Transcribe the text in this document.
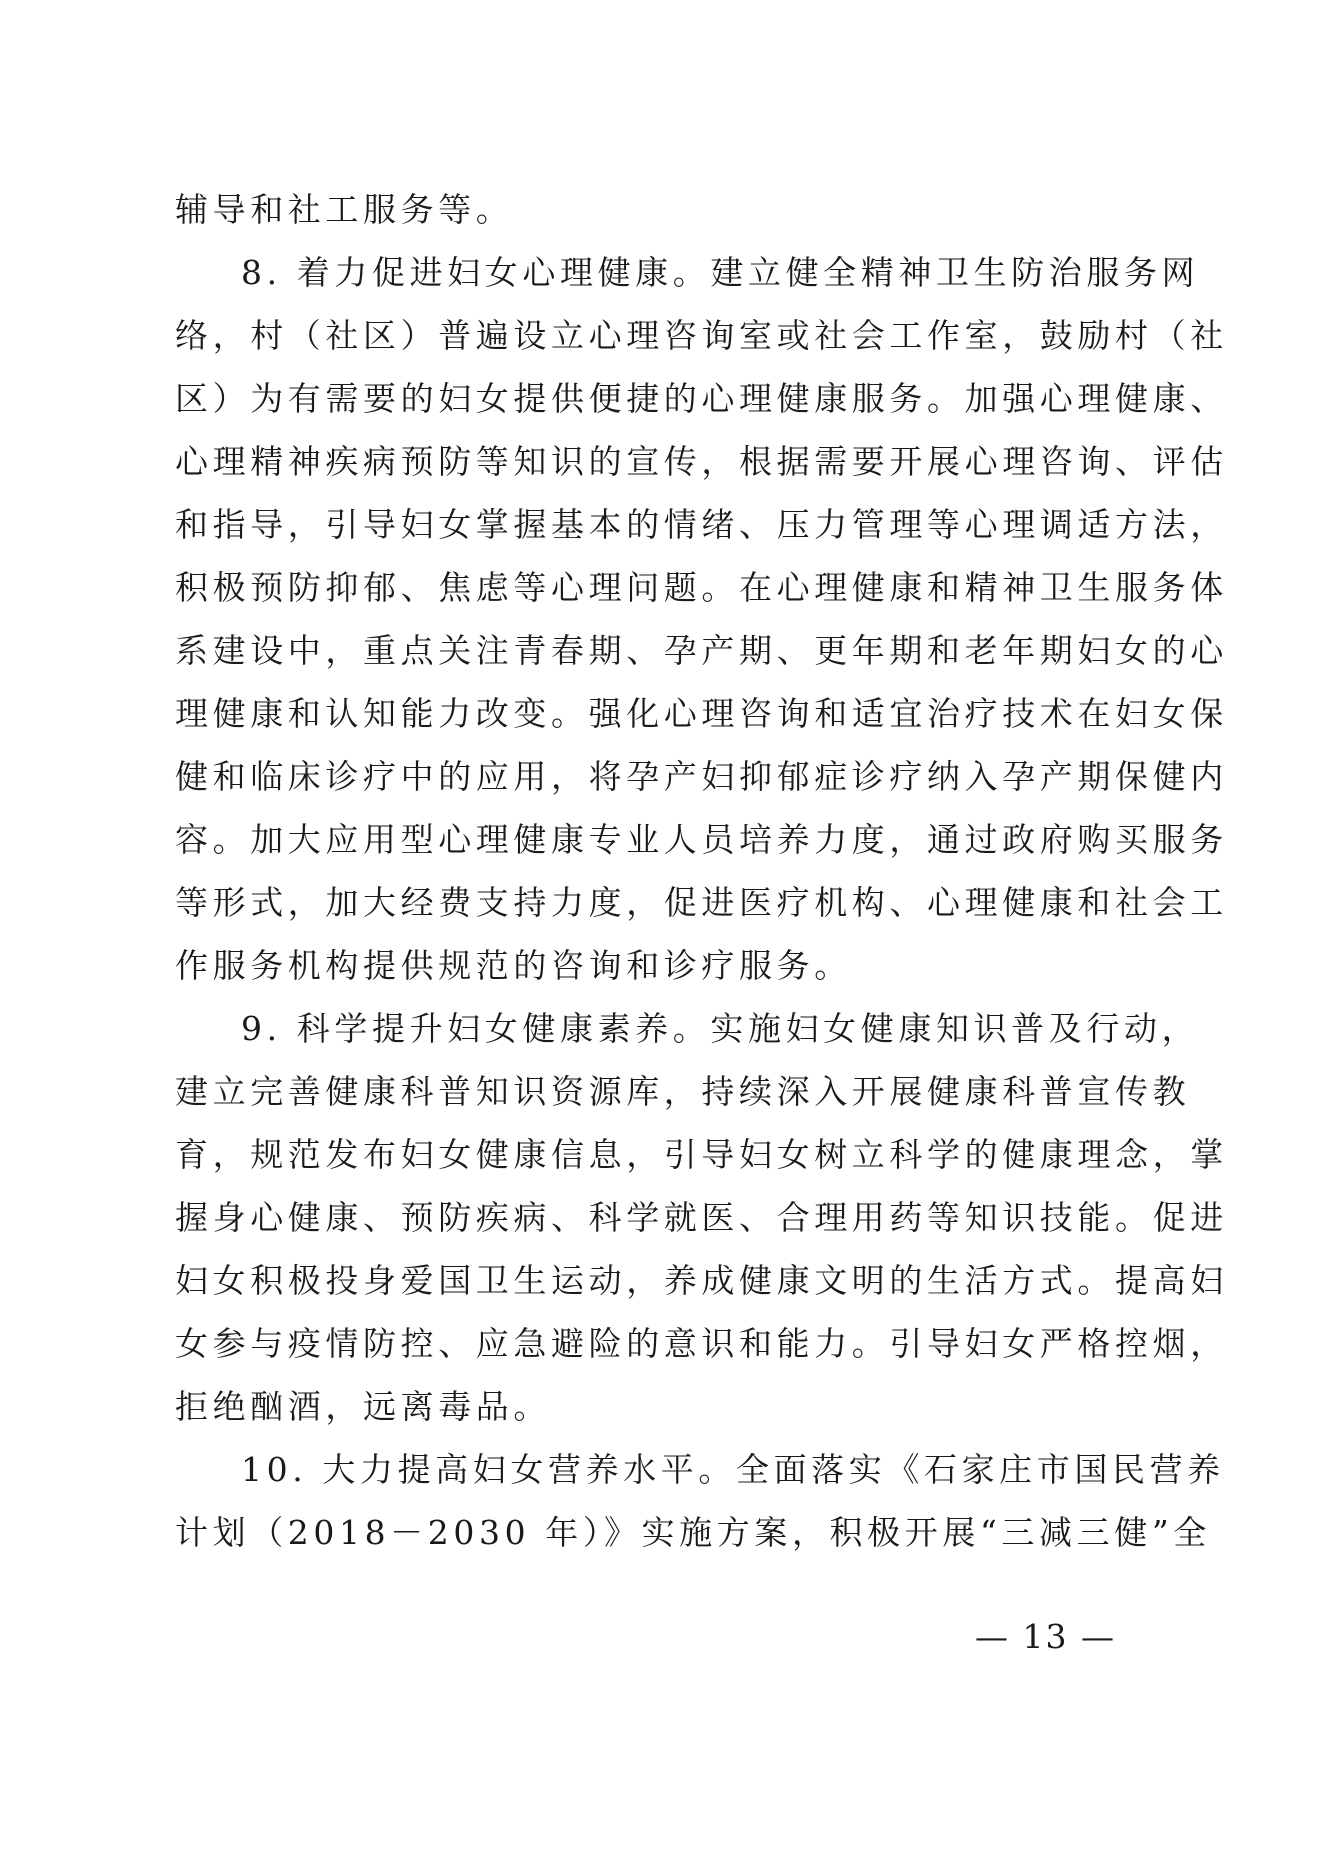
辅导和社工服务等。
8. 着力促进妇女心理健康。建立健全精神卫生防治服务网
络，村（社区）普遍设立心理咨询室或社会工作室，鼓励村（社
区）为有需要的妇女提供便捷的心理健康服务。加强心理健康、
心理精神疾病预防等知识的宣传，根据需要开展心理咨询、评估
和指导，引导妇女掌握基本的情绪、压力管理等心理调适方法，
积极预防抑郁、焦虑等心理问题。在心理健康和精神卫生服务体
系建设中，重点关注青春期、孕产期、更年期和老年期妇女的心
理健康和认知能力改变。强化心理咨询和适宜治疗技术在妇女保
健和临床诊疗中的应用，将孕产妇抑郁症诊疗纳入孕产期保健内
容。加大应用型心理健康专业人员培养力度，通过政府购买服务
等形式，加大经费支持力度，促进医疗机构、心理健康和社会工
作服务机构提供规范的咨询和诊疗服务。
9. 科学提升妇女健康素养。实施妇女健康知识普及行动，
建立完善健康科普知识资源库，持续深入开展健康科普宣传教
育，规范发布妇女健康信息，引导妇女树立科学的健康理念，掌
握身心健康、预防疾病、科学就医、合理用药等知识技能。促进
妇女积极投身爱国卫生运动，养成健康文明的生活方式。提高妇
女参与疫情防控、应急避险的意识和能力。引导妇女严格控烟，
拒绝酗酒，远离毒品。
10. 大力提高妇女营养水平。全面落实《石家庄市国民营养
计划（2018－2030 年）》实施方案，积极开展“三减三健”全
— 13 —
